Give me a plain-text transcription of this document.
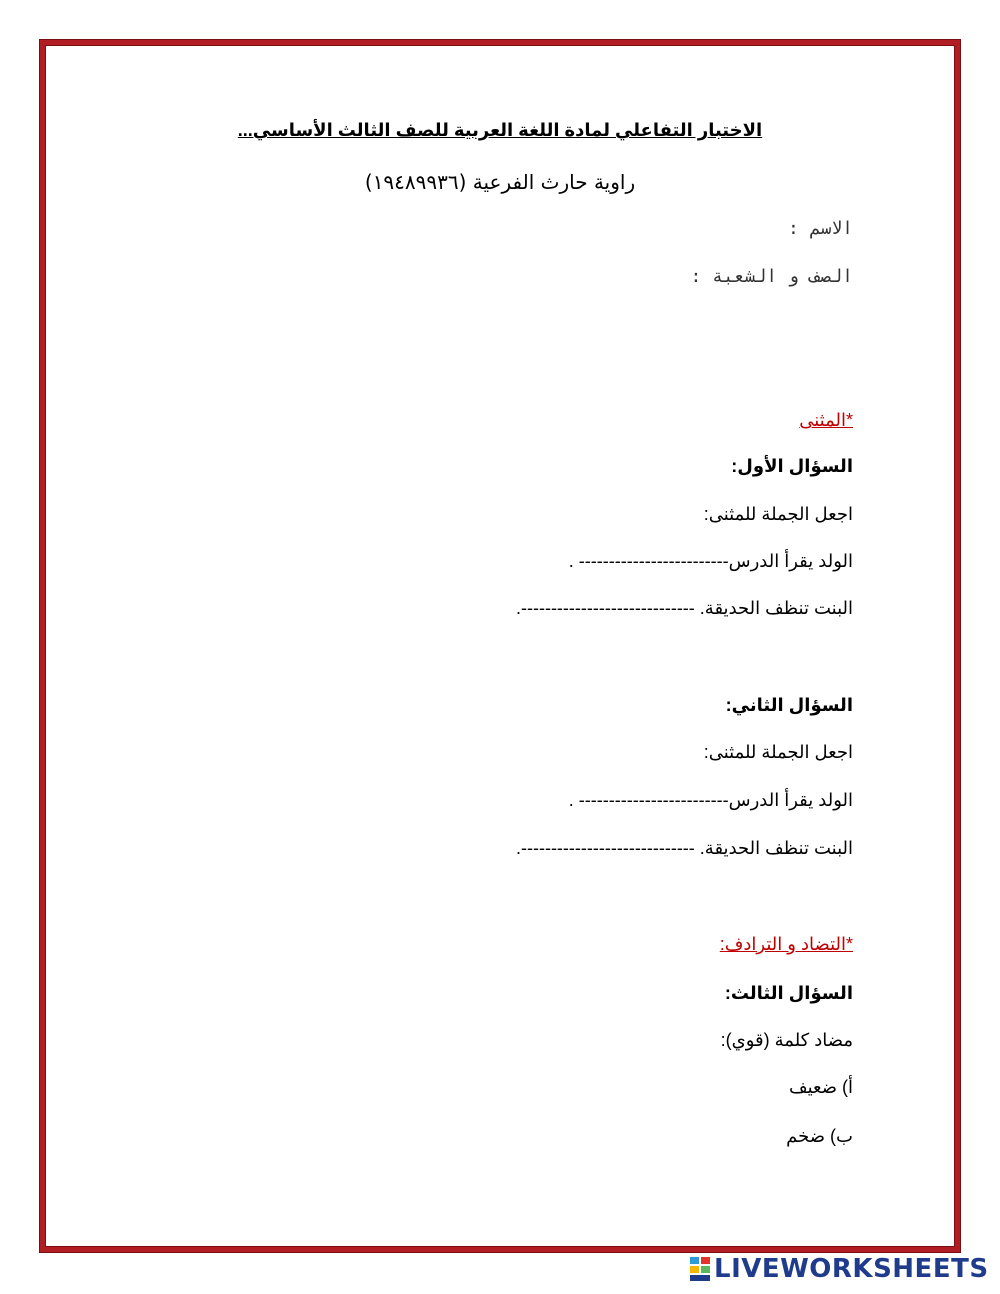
الاختبار التفاعلي لمادة اللغة العربية للصف الثالث الأساسي...
راوية حارث الفرعية (١٩٤٨٩٩٣٦)
الاسم :
الصف و الشعبة :
*المثنى
السؤال الأول:
اجعل الجملة للمثنى:
الولد يقرأ الدرس------------------------- .
البنت تنظف الحديقة. -----------------------------.
السؤال الثاني:
اجعل الجملة للمثنى:
الولد يقرأ الدرس------------------------- .
البنت تنظف الحديقة. -----------------------------.
*التضاد و الترادف:
السؤال الثالث:
مضاد كلمة (قوي):
أ) ضعيف
ب) ضخم
LIVEWORKSHEETS
